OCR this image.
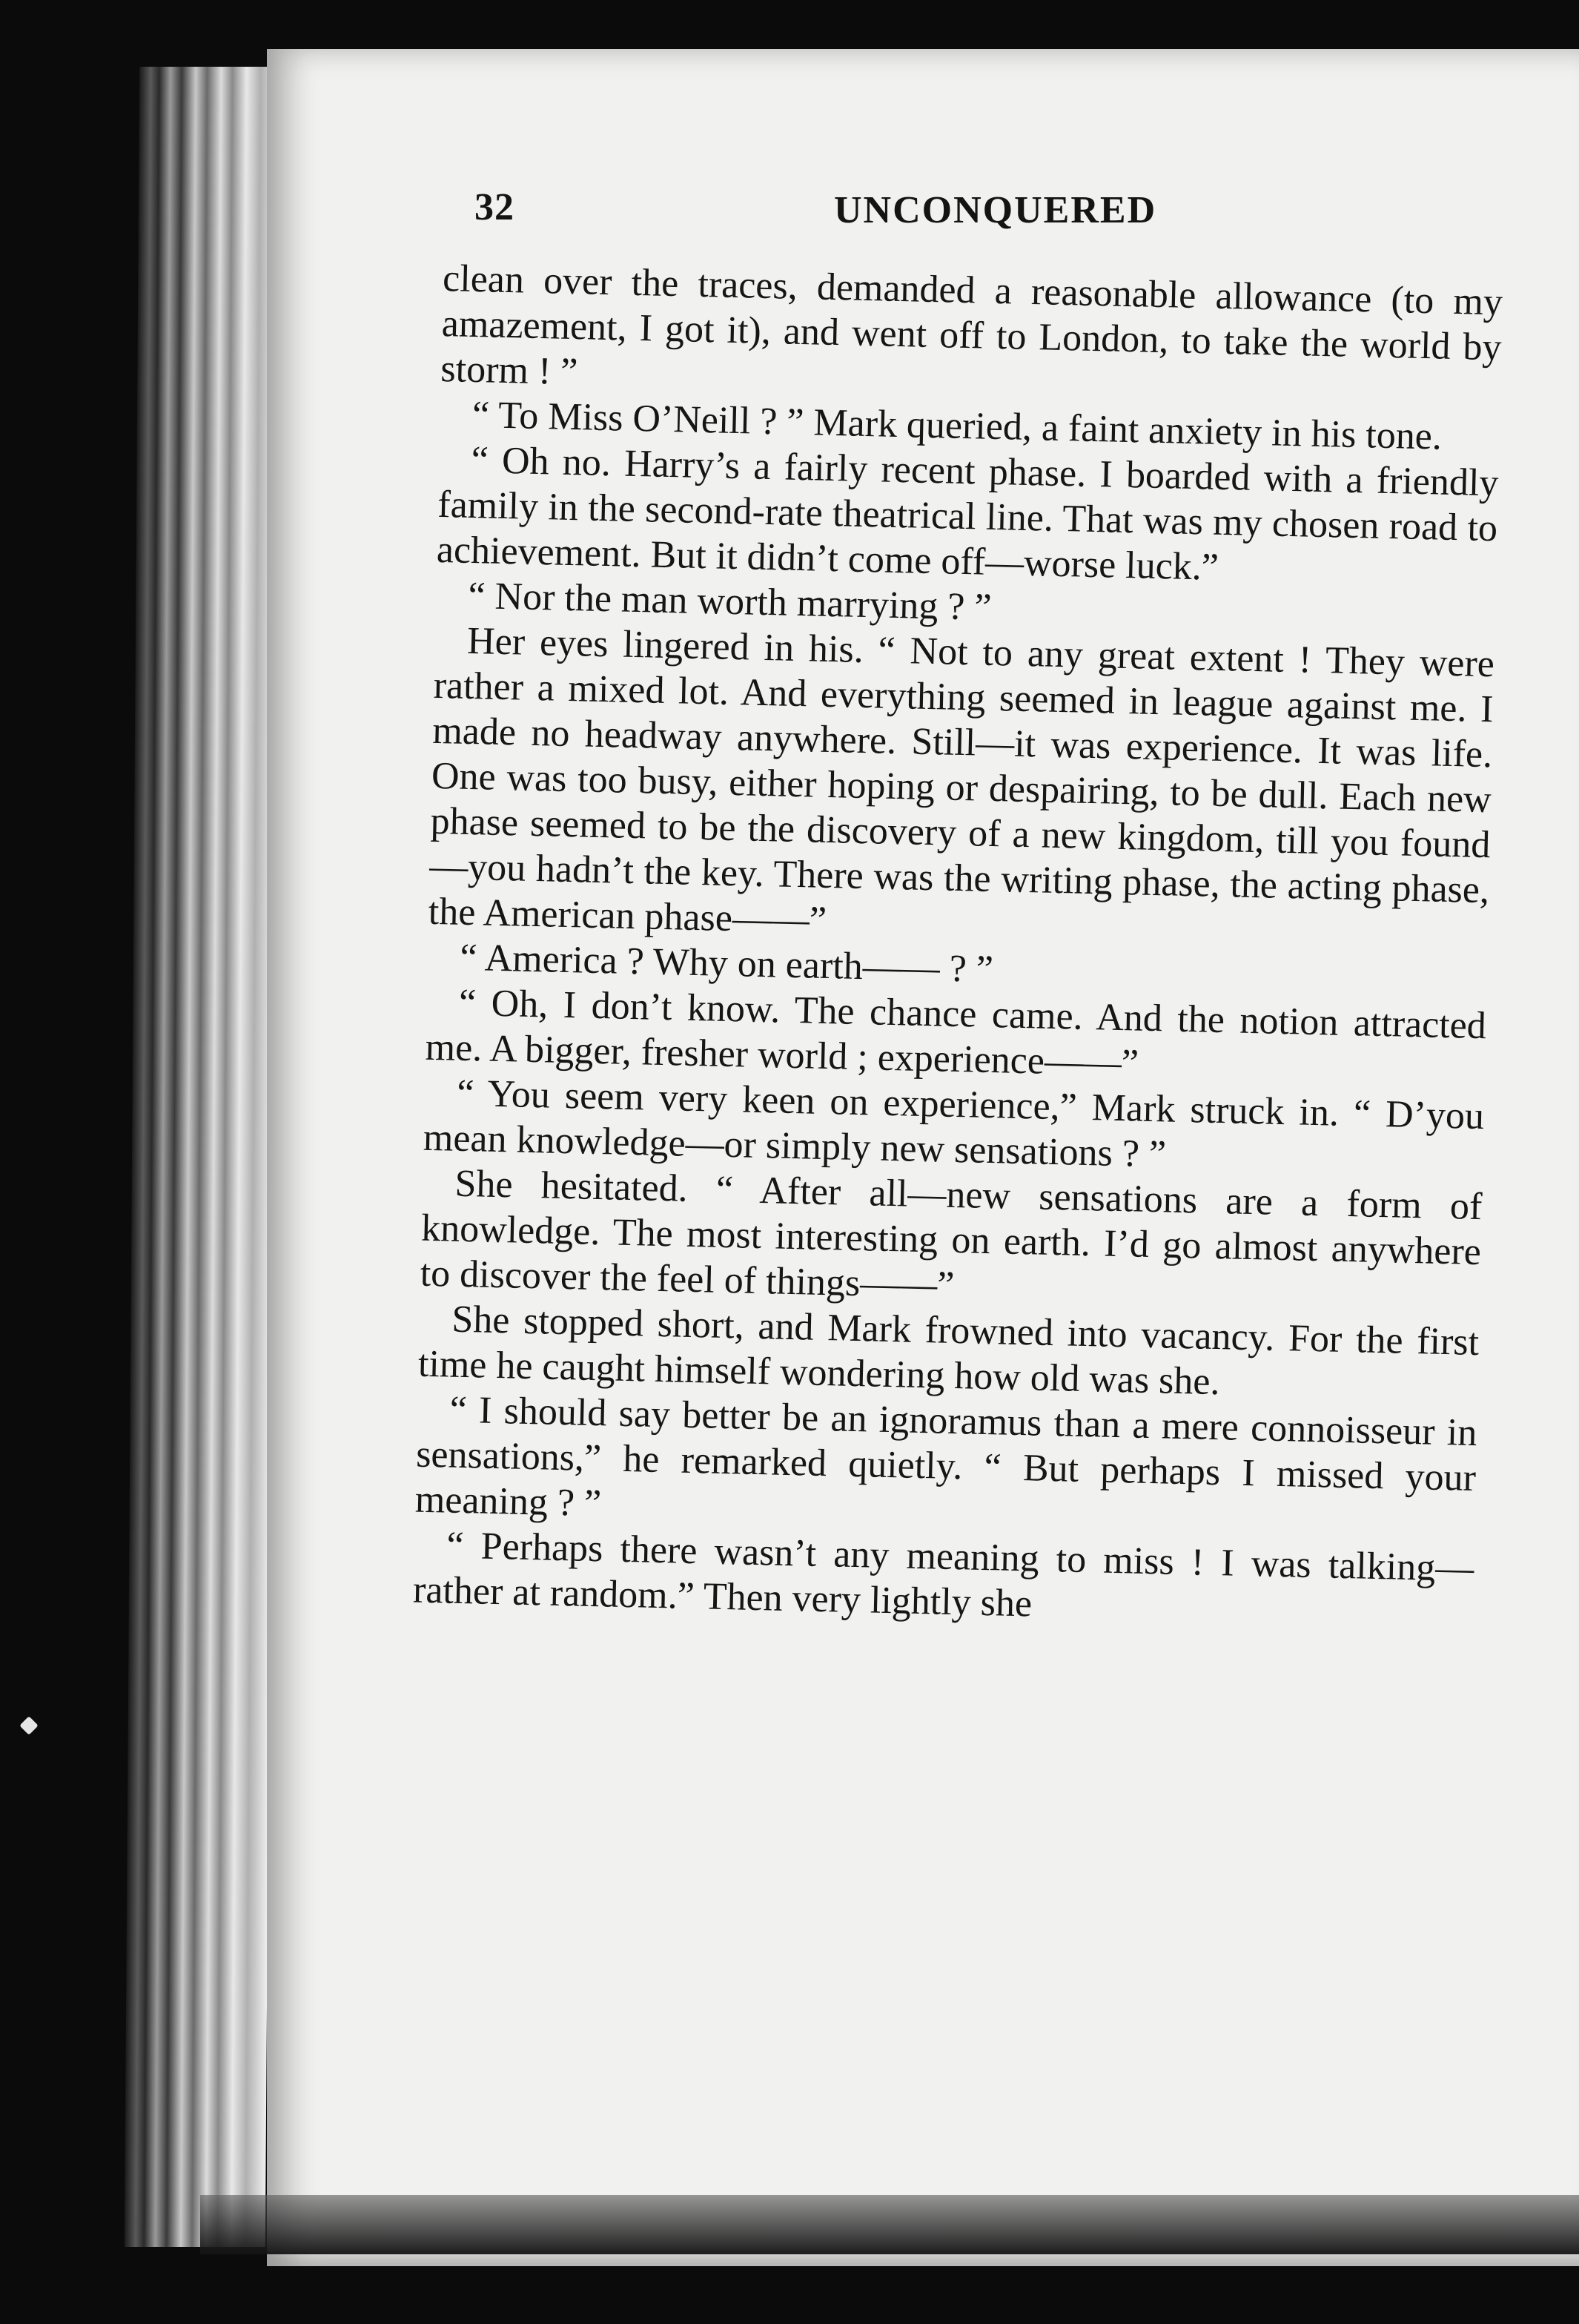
32	UNCONQUERED

clean over the traces, demanded a reasonable allowance (to my amazement, I got it), and went off to London, to take the world by storm ! ”

“ To Miss O’Neill ? ” Mark queried, a faint anxiety in his tone.

“ Oh no. Harry’s a fairly recent phase. I boarded with a friendly family in the second-rate theatrical line. That was my chosen road to achievement. But it didn’t come off—worse luck.”

“ Nor the man worth marrying ? ”

Her eyes lingered in his. “ Not to any great extent ! They were rather a mixed lot. And everything seemed in league against me. I made no headway anywhere. Still—it was experience. It was life. One was too busy, either hoping or despairing, to be dull. Each new phase seemed to be the discovery of a new kingdom, till you found—you hadn’t the key. There was the writing phase, the acting phase, the American phase——”

“ America ? Why on earth—— ? ”

“ Oh, I don’t know. The chance came. And the notion attracted me. A bigger, fresher world ; experience——”

“ You seem very keen on experience,” Mark struck in. “ D’you mean knowledge—or simply new sensations ? ”

She hesitated. “ After all—new sensations are a form of knowledge. The most interesting on earth. I’d go almost anywhere to discover the feel of things——”

She stopped short, and Mark frowned into vacancy. For the first time he caught himself wondering how old was she.

“ I should say better be an ignoramus than a mere connoisseur in sensations,” he remarked quietly. “ But perhaps I missed your meaning ? ”

“ Perhaps there wasn’t any meaning to miss ! I was talking—rather at random.” Then very lightly she
